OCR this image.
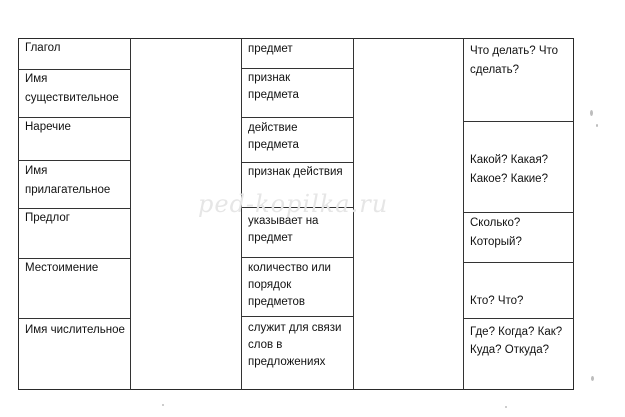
ped-kopilka.ru
Глагол
Имя существительное
Наречие
Имя прилагательное
Предлог
Местоимение
Имя числительное
предмет
признак предмета
действие предмета
признак действия
указывает на предмет
количество или порядок предметов
служит для связи слов в предложениях
Что делать? Что сделать?
Какой? Какая? Какое? Какие?
Сколько? Который?
Кто? Что?
Где? Когда? Как? Куда? Откуда?
